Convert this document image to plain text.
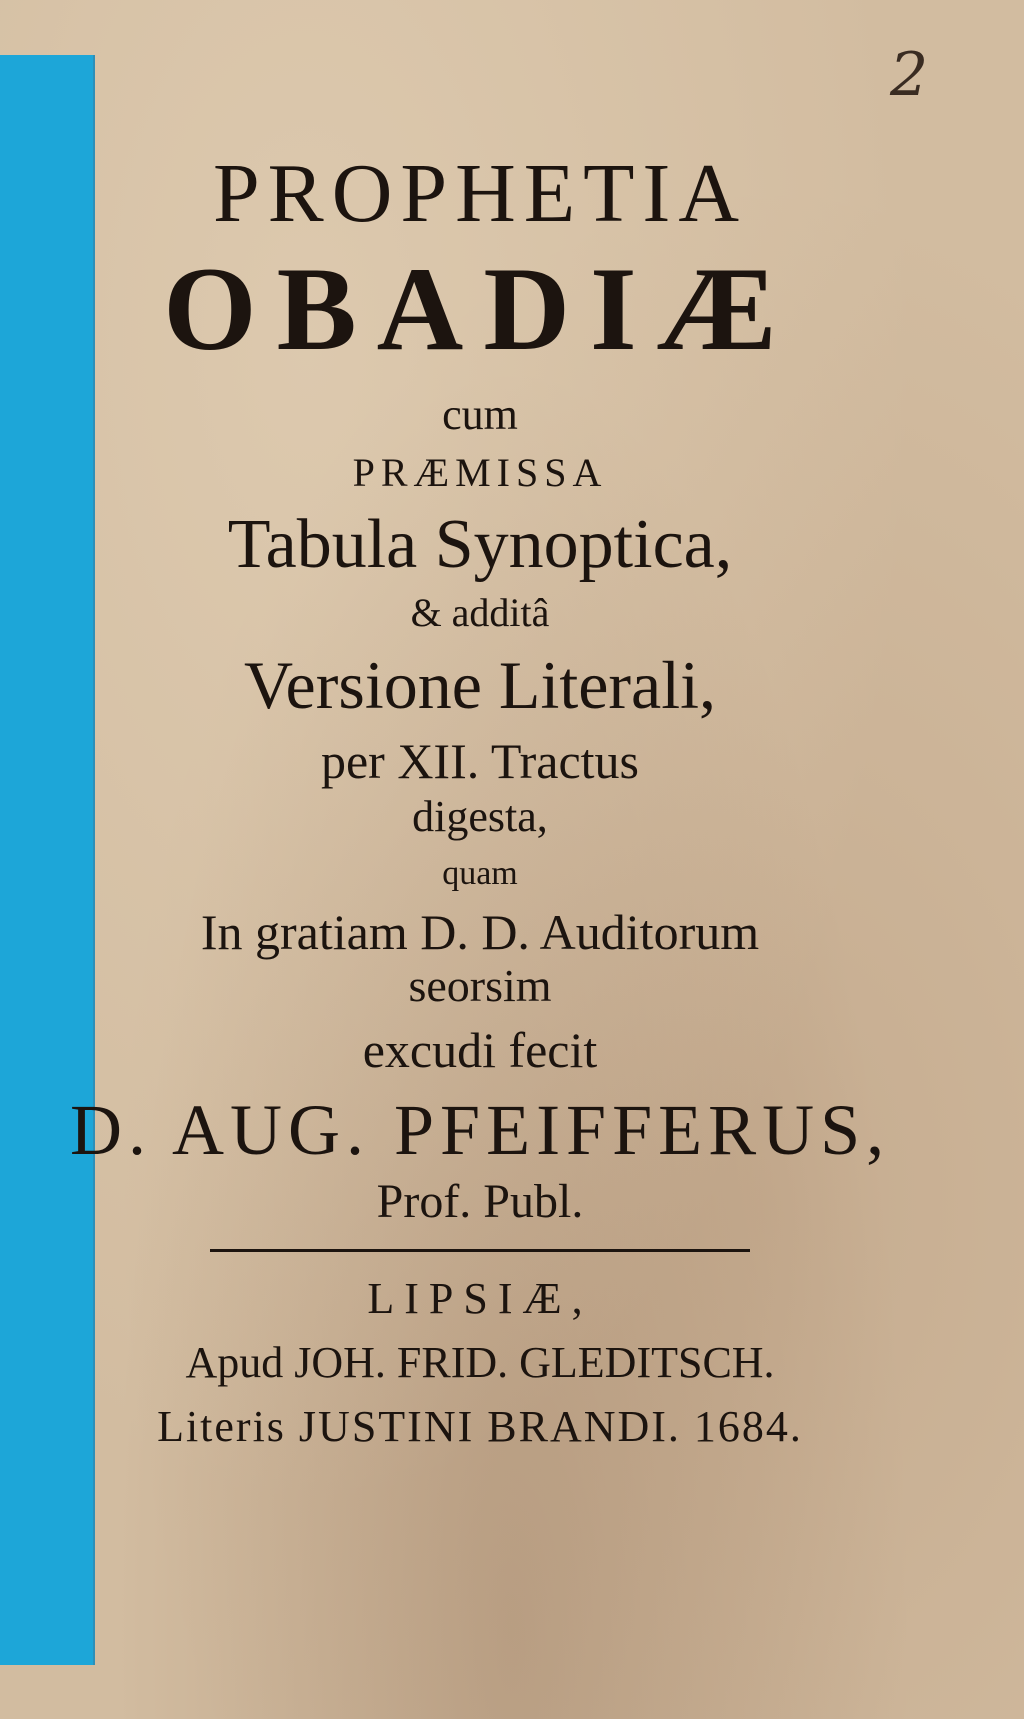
2
PROPHETIA
OBADIÆ
cum
PRÆMISSA
Tabula Synoptica,
& additâ
Versione Literali,
per XII. Tractus
digesta,
quam
In gratiam D. D. Auditorum
seorsim
excudi fecit
D. AUG. PFEIFFERUS,
Prof. Publ.
LIPSIÆ,
Apud JOH. FRID. GLEDITSCH.
Literis JUSTINI BRANDI. 1684.
